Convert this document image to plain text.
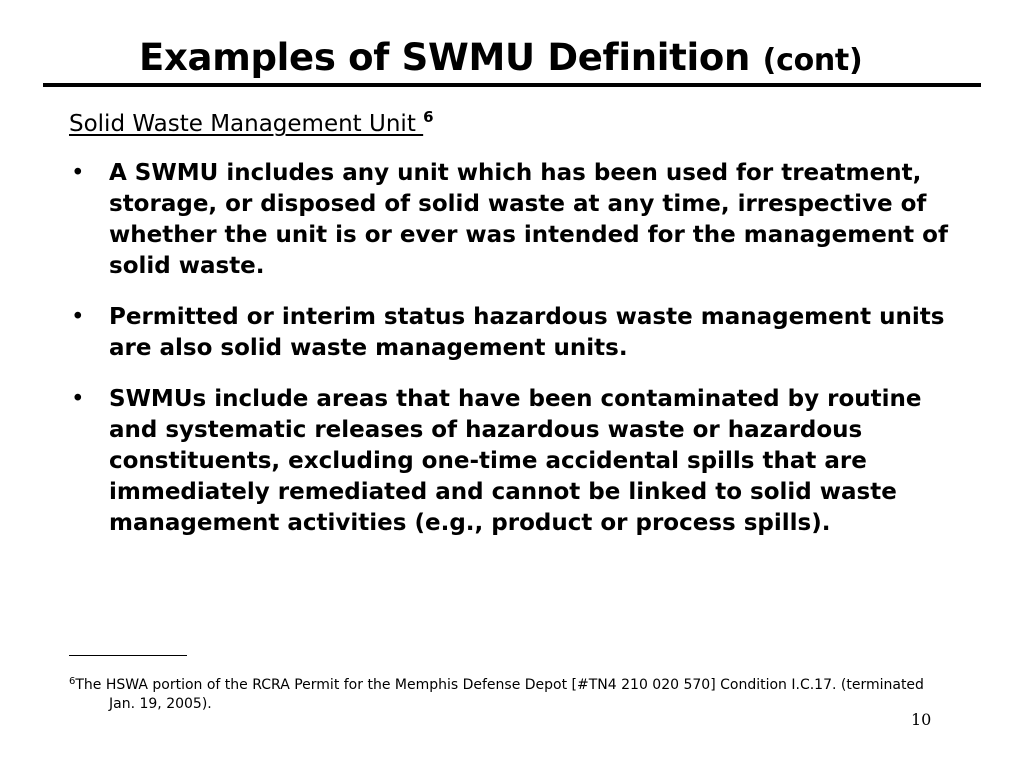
Examples of SWMU Definition (cont)
Solid Waste Management Unit $^6$
• A SWMU includes any unit which has been used for treatment, storage, or disposed of solid waste at any time, irrespective of whether the unit is or ever was intended for the management of solid waste.
• Permitted or interim status hazardous waste management units are also solid waste management units.
• SWMUs include areas that have been contaminated by routine and systematic releases of hazardous waste or hazardous constituents, excluding one-time accidental spills that are immediately remediated and cannot be linked to solid waste management activities (e.g., product or process spills).
$^6$The HSWA portion of the RCRA Permit for the Memphis Defense Depot [#TN4 210 020 570] Condition I.C.17. (terminated Jan. 19, 2005).
10
